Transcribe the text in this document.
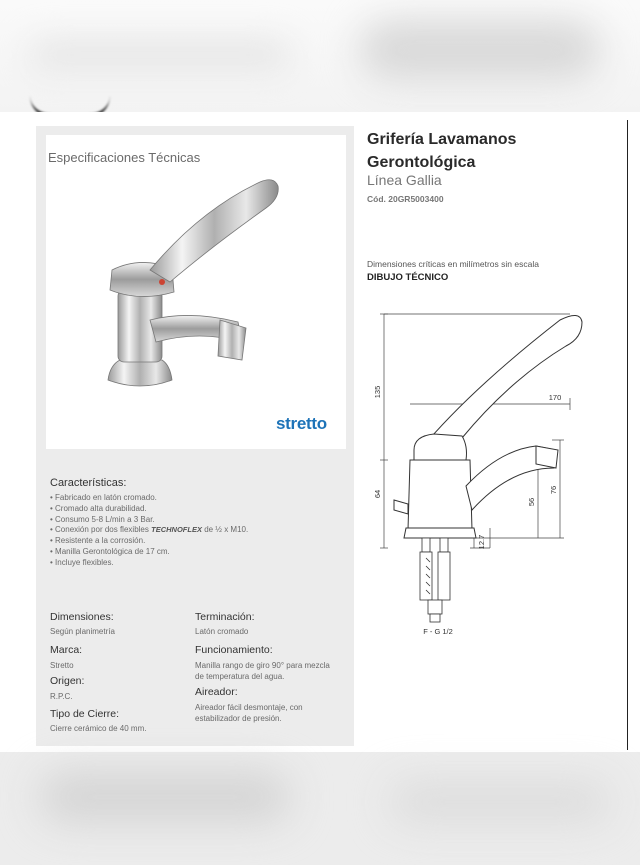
Especificaciones Técnicas
stretto
Características:
• Fabricado en latón cromado.
• Cromado alta durabilidad.
• Consumo 5-8 L/min a 3 Bar.
• Conexión por dos flexibles TECHNOFLEX de ½ x M10.
• Resistente a la corrosión.
• Manilla Gerontológica de 17 cm.
• Incluye flexibles.
Dimensiones:
Según planimetría
Marca:
Stretto
Origen:
R.P.C.
Tipo de Cierre:
Cierre cerámico de 40 mm.
Terminación:
Latón cromado
Funcionamiento:
Manilla rango de giro 90° para mezcla
de temperatura del agua.
Aireador:
Aireador fácil desmontaje, con
estabilizador de presión.
Grifería Lavamanos
Gerontológica
Línea Gallia
Cód. 20GR5003400
Dimensiones críticas en milímetros sin escala
DIBUJO TÉCNICO
135	170
64
56
76
12.7
F - G 1/2
